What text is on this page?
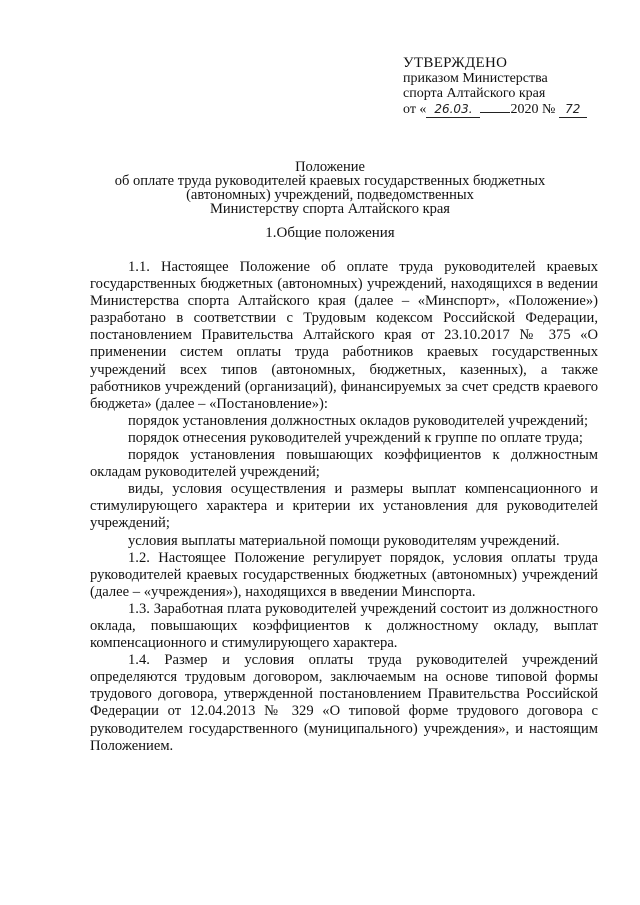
УТВЕРЖДЕНО
приказом Министерства
спорта Алтайского края
от « 26.03.	2020 № 72
Положение
об оплате труда руководителей краевых государственных бюджетных
(автономных) учреждений, подведомственных
Министерству спорта Алтайского края
1.Общие положения

1.1. Настоящее Положение об оплате труда руководителей краевых государственных бюджетных (автономных) учреждений, находящихся в ведении Министерства спорта Алтайского края (далее – «Минспорт», «Положение») разработано в соответствии с Трудовым кодексом Российской Федерации, постановлением Правительства Алтайского края от 23.10.2017 № 375 «О применении систем оплаты труда работников краевых государственных учреждений всех типов (автономных, бюджетных, казенных), а также работников учреждений (организаций), финансируемых за счет средств краевого бюджета» (далее – «Постановление»):

порядок установления должностных окладов руководителей учреждений;

порядок отнесения руководителей учреждений к группе по оплате труда;

порядок установления повышающих коэффициентов к должностным окладам руководителей учреждений;

виды, условия осуществления и размеры выплат компенсационного и стимулирующего характера и критерии их установления для руководителей учреждений;

условия выплаты материальной помощи руководителям учреждений.

1.2. Настоящее Положение регулирует порядок, условия оплаты труда руководителей краевых государственных бюджетных (автономных) учреждений (далее – «учреждения»), находящихся в введении Минспорта.

1.3. Заработная плата руководителей учреждений состоит из должностного оклада, повышающих коэффициентов к должностному окладу, выплат компенсационного и стимулирующего характера.

1.4. Размер и условия оплаты труда руководителей учреждений определяются трудовым договором, заключаемым на основе типовой формы трудового договора, утвержденной постановлением Правительства Российской Федерации от 12.04.2013 № 329 «О типовой форме трудового договора с руководителем государственного (муниципального) учреждения», и настоящим Положением.
